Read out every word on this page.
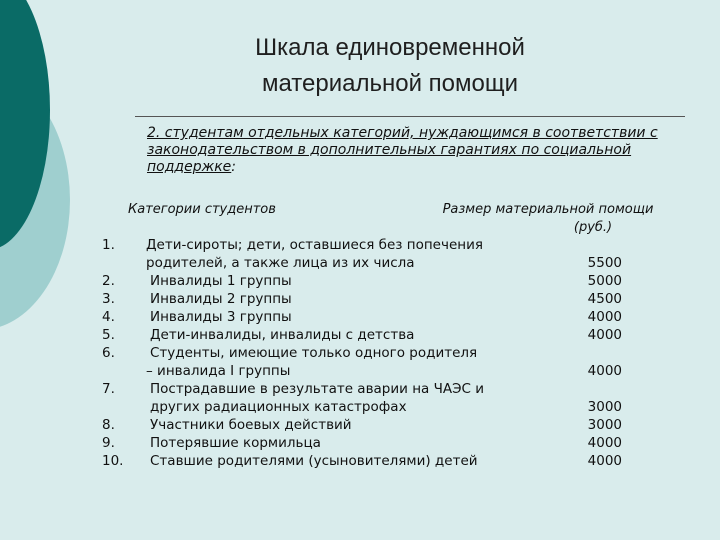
Шкала единовременной
материальной помощи
2. студентам отдельных категорий, нуждающимся в соответствии с законодательством в дополнительных гарантиях по социальной поддержке:
Категории студентов	Размер материальной помощи
(руб.)
1. Дети-сироты; дети, оставшиеся без попечения
родителей, а также лица из их числа	5500
2.	Инвалиды 1 группы	5000
3.	Инвалиды 2 группы	4500
4.	Инвалиды 3 группы	4000
5.	Дети-инвалиды, инвалиды с детства	4000
6.	Студенты, имеющие только одного родителя
– инвалида I группы	4000
7.	Пострадавшие в результате аварии на ЧАЭС и
других радиационных катастрофах	3000
8.	Участники боевых действий	3000
9.	Потерявшие кормильца	4000
10. Ставшие родителями (усыновителями) детей	4000
